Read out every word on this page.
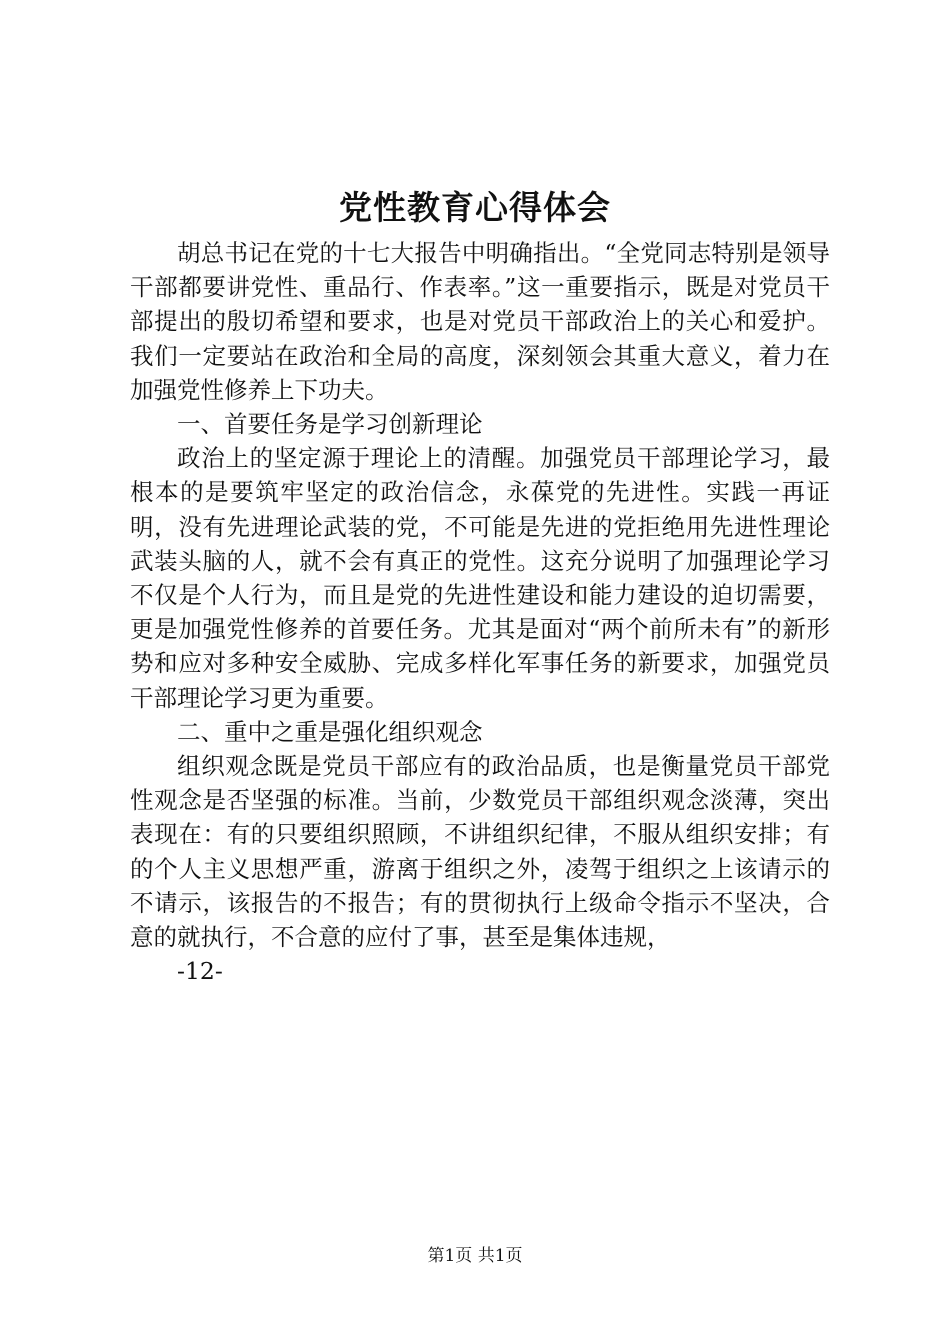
党性教育心得体会

胡总书记在党的十七大报告中明确指出。“全党同志特别是领导干部都要讲党性、重品行、作表率。”这一重要指示，既是对党员干部提出的殷切希望和要求，也是对党员干部政治上的关心和爱护。我们一定要站在政治和全局的高度，深刻领会其重大意义，着力在加强党性修养上下功夫。

一、首要任务是学习创新理论

政治上的坚定源于理论上的清醒。加强党员干部理论学习，最根本的是要筑牢坚定的政治信念，永葆党的先进性。实践一再证明，没有先进理论武装的党，不可能是先进的党拒绝用先进性理论武装头脑的人，就不会有真正的党性。这充分说明了加强理论学习不仅是个人行为，而且是党的先进性建设和能力建设的迫切需要，更是加强党性修养的首要任务。尤其是面对“两个前所未有”的新形势和应对多种安全威胁、完成多样化军事任务的新要求，加强党员干部理论学习更为重要。

二、重中之重是强化组织观念

组织观念既是党员干部应有的政治品质，也是衡量党员干部党性观念是否坚强的标准。当前，少数党员干部组织观念淡薄，突出表现在：有的只要组织照顾，不讲组织纪律，不服从组织安排；有的个人主义思想严重，游离于组织之外，凌驾于组织之上该请示的不请示，该报告的不报告；有的贯彻执行上级命令指示不坚决，合意的就执行，不合意的应付了事，甚至是集体违规，

-12-

第1页 共1页
